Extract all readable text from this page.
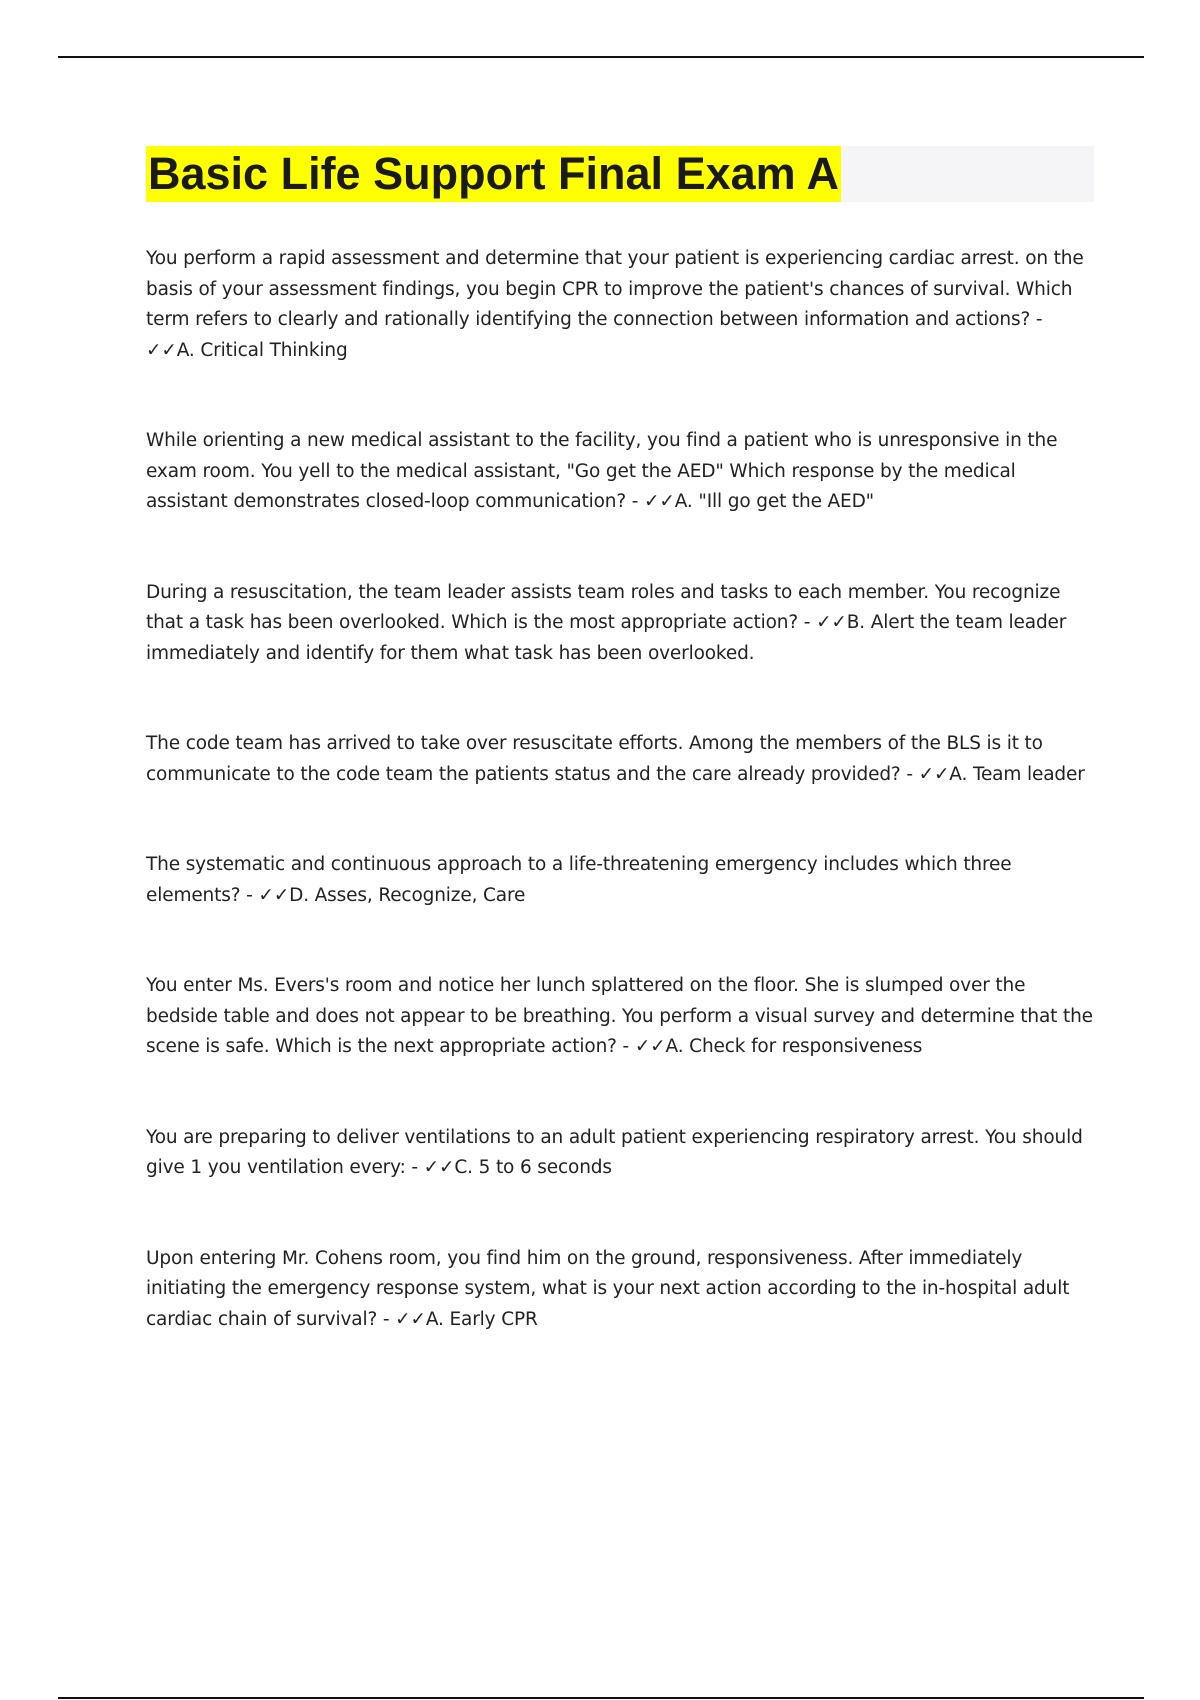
Basic Life Support Final Exam A

You perform a rapid assessment and determine that your patient is experiencing cardiac arrest. on the basis of your assessment findings, you begin CPR to improve the patient's chances of survival. Which term refers to clearly and rationally identifying the connection between information and actions? - ✓✓A. Critical Thinking

While orienting a new medical assistant to the facility, you find a patient who is unresponsive in the exam room. You yell to the medical assistant, "Go get the AED" Which response by the medical assistant demonstrates closed-loop communication? - ✓✓A. "Ill go get the AED"

During a resuscitation, the team leader assists team roles and tasks to each member. You recognize that a task has been overlooked. Which is the most appropriate action? - ✓✓B. Alert the team leader immediately and identify for them what task has been overlooked.

The code team has arrived to take over resuscitate efforts. Among the members of the BLS is it to communicate to the code team the patients status and the care already provided? - ✓✓A. Team leader

The systematic and continuous approach to a life-threatening emergency includes which three elements? - ✓✓D. Asses, Recognize, Care

You enter Ms. Evers's room and notice her lunch splattered on the floor. She is slumped over the bedside table and does not appear to be breathing. You perform a visual survey and determine that the scene is safe. Which is the next appropriate action? - ✓✓A. Check for responsiveness

You are preparing to deliver ventilations to an adult patient experiencing respiratory arrest. You should give 1 you ventilation every: - ✓✓C. 5 to 6 seconds

Upon entering Mr. Cohens room, you find him on the ground, responsiveness. After immediately initiating the emergency response system, what is your next action according to the in-hospital adult cardiac chain of survival? - ✓✓A. Early CPR
